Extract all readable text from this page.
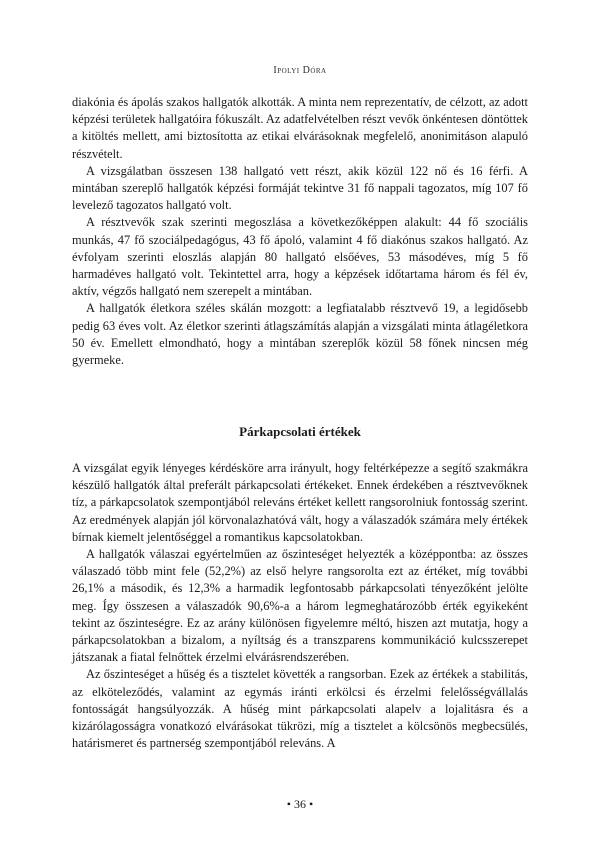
Ipolyi Dóra

diakónia és ápolás szakos hallgatók alkották. A minta nem reprezentatív, de célzott, az adott képzési területek hallgatóira fókuszált. Az adatfelvételben részt vevők önkéntesen döntöttek a kitöltés mellett, ami biztosította az etikai elvárásoknak megfelelő, anonimitáson alapuló részvételt.

A vizsgálatban összesen 138 hallgató vett részt, akik közül 122 nő és 16 férfi. A mintában szereplő hallgatók képzési formáját tekintve 31 fő nappali tagozatos, míg 107 fő levelező tagozatos hallgató volt.

A résztvevők szak szerinti megoszlása a következőképpen alakult: 44 fő szociális munkás, 47 fő szociálpedagógus, 43 fő ápoló, valamint 4 fő diakónus szakos hallgató. Az évfolyam szerinti eloszlás alapján 80 hallgató elsőéves, 53 másodéves, míg 5 fő harmadéves hallgató volt. Tekintettel arra, hogy a képzések időtartama három és fél év, aktív, végzős hallgató nem szerepelt a mintában.

A hallgatók életkora széles skálán mozgott: a legfiatalabb résztvevő 19, a legidősebb pedig 63 éves volt. Az életkor szerinti átlagszámítás alapján a vizsgálati minta átlagéletkora 50 év. Emellett elmondható, hogy a mintában szereplők közül 58 főnek nincsen még gyermeke.

Párkapcsolati értékek

A vizsgálat egyik lényeges kérdésköre arra irányult, hogy feltérképezze a segítő szakmákra készülő hallgatók által preferált párkapcsolati értékeket. Ennek érdekében a résztvevőknek tíz, a párkapcsolatok szempontjából releváns értéket kellett rangsorolniuk fontosság szerint. Az eredmények alapján jól körvonalazhatóvá vált, hogy a válaszadók számára mely értékek bírnak kiemelt jelentőséggel a romantikus kapcsolatokban.

A hallgatók válaszai egyértelműen az őszinteséget helyezték a középpontba: az összes válaszadó több mint fele (52,2%) az első helyre rangsorolta ezt az értéket, míg további 26,1% a második, és 12,3% a harmadik legfontosabb párkapcsolati tényezőként jelölte meg. Így összesen a válaszadók 90,6%-a a három legmeghatározóbb érték egyikeként tekint az őszinteségre. Ez az arány különösen figyelemre méltó, hiszen azt mutatja, hogy a párkapcsolatokban a bizalom, a nyíltság és a transzparens kommunikáció kulcsszerepet játszanak a fiatal felnőttek érzelmi elvárásrendszerében.

Az őszinteséget a hűség és a tisztelet követték a rangsorban. Ezek az értékek a stabilitás, az elköteleződés, valamint az egymás iránti erkölcsi és érzelmi felelősségvállalás fontosságát hangsúlyozzák. A hűség mint párkapcsolati alapelv a lojalitásra és a kizárólagosságra vonatkozó elvárásokat tükrözi, míg a tisztelet a kölcsönös megbecsülés, határismeret és partnerség szempontjából releváns. A

• 36 •
